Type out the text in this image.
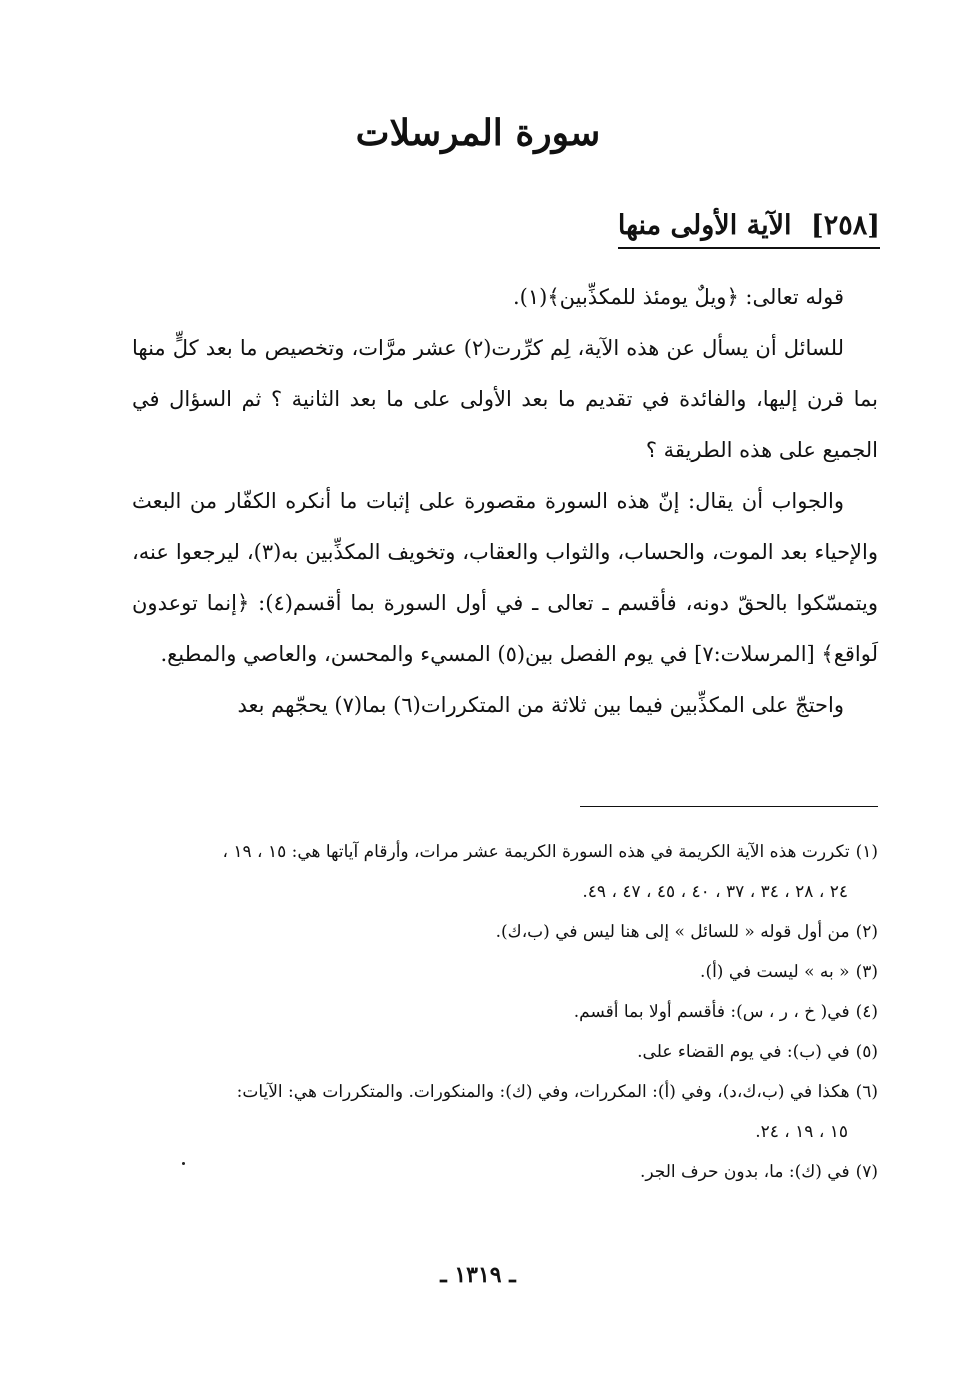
سورة المرسلات
[٢٥٨] الآية الأولى منها

قوله تعالى: ﴿ويلٌ يومئذ للمكذِّبين﴾(١).

للسائل أن يسأل عن هذه الآية، لِم كرِّرت(٢) عشر مرَّات، وتخصيص ما بعد كلٍّ منها بما قرن إليها، والفائدة في تقديم ما بعد الأولى على ما بعد الثانية ؟ ثم السؤال في الجميع على هذه الطريقة ؟

والجواب أن يقال: إنّ هذه السورة مقصورة على إثبات ما أنكره الكفّار من البعث والإحياء بعد الموت، والحساب، والثواب والعقاب، وتخويف المكذِّبين به(٣)، ليرجعوا عنه، ويتمسّكوا بالحقّ دونه، فأقسم ـ تعالى ـ في أول السورة بما أقسم(٤): ﴿إنما توعدون لَواقع﴾ [المرسلات:٧] في يوم الفصل بين(٥) المسيء والمحسن، والعاصي والمطيع.

واحتجّ على المكذِّبين فيما بين ثلاثة من المتكررات(٦) بما(٧) يحجّهم بعد

(١)تكررت هذه الآية الكريمة في هذه السورة الكريمة عشر مرات، وأرقام آياتها هي: ١٥ ، ١٩ ،
٢٤ ، ٢٨ ، ٣٤ ، ٣٧ ، ٤٠ ، ٤٥ ، ٤٧ ، ٤٩.

(٢)من أول قوله « للسائل » إلى هنا ليس في (ب،ك).

(٣)« به » ليست في (أ).

(٤)في( خ ، ر ، س): فأقسم أولا بما أقسم.

(٥)في (ب): في يوم القضاء على.

(٦)هكذا في (ب،ك،د)، وفي (أ): المكررات، وفي (ك): والمنكورات. والمتكررات هي: الآيات:
١٥ ، ١٩ ، ٢٤.

(٧)في (ك): ما، بدون حرف الجر.

ـ ١٣١٩ ـ
